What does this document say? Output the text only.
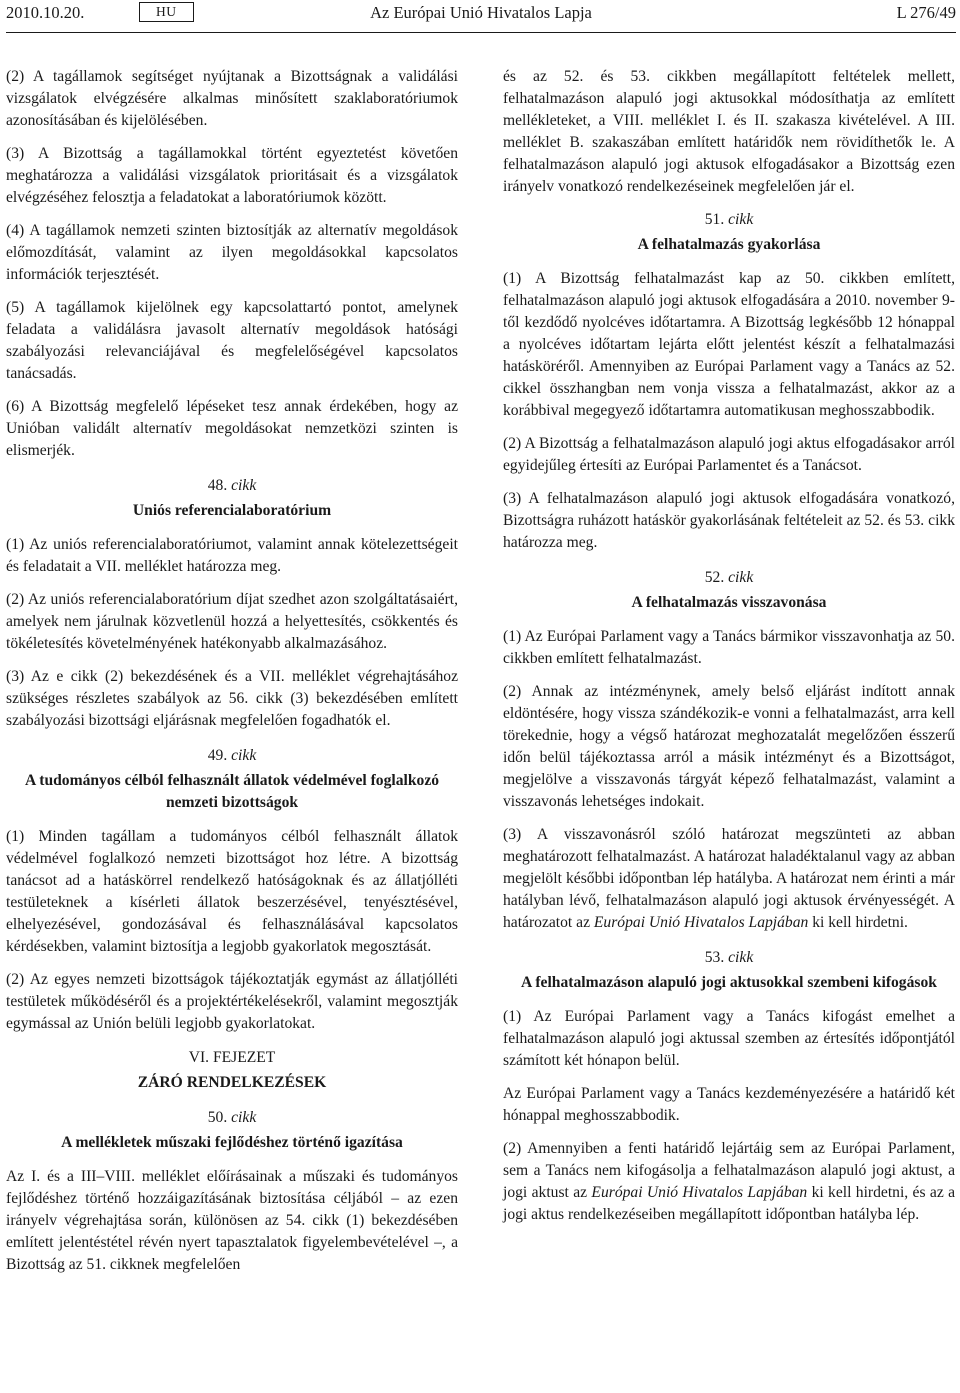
2010.10.20.	HU	Az Európai Unió Hivatalos Lapja	L 276/49

(2) A tagállamok segítséget nyújtanak a Bizottságnak a validálási vizsgálatok elvégzésére alkalmas minősített szaklaboratóriumok azonosításában és kijelölésében.

(3) A Bizottság a tagállamokkal történt egyeztetést követően meghatározza a validálási vizsgálatok prioritásait és a vizsgálatok elvégzéséhez felosztja a feladatokat a laboratóriumok között.

(4) A tagállamok nemzeti szinten biztosítják az alternatív megoldások előmozdítását, valamint az ilyen megoldásokkal kapcsolatos információk terjesztését.

(5) A tagállamok kijelölnek egy kapcsolattartó pontot, amelynek feladata a validálásra javasolt alternatív megoldások hatósági szabályozási relevanciájával és megfelelőségével kapcsolatos tanácsadás.

(6) A Bizottság megfelelő lépéseket tesz annak érdekében, hogy az Unióban validált alternatív megoldásokat nemzetközi szinten is elismerjék.

48. cikk
Uniós referencialaboratórium

(1) Az uniós referencialaboratóriumot, valamint annak kötelezettségeit és feladatait a VII. melléklet határozza meg.

(2) Az uniós referencialaboratórium díjat szedhet azon szolgáltatásaiért, amelyek nem járulnak közvetlenül hozzá a helyettesítés, csökkentés és tökéletesítés követelményének hatékonyabb alkalmazásához.

(3) Az e cikk (2) bekezdésének és a VII. melléklet végrehajtásához szükséges részletes szabályok az 56. cikk (3) bekezdésében említett szabályozási bizottsági eljárásnak megfelelően fogadhatók el.

49. cikk
A tudományos célból felhasznált állatok védelmével foglalkozó nemzeti bizottságok

(1) Minden tagállam a tudományos célból felhasznált állatok védelmével foglalkozó nemzeti bizottságot hoz létre. A bizottság tanácsot ad a hatáskörrel rendelkező hatóságoknak és az állatjólléti testületeknek a kísérleti állatok beszerzésével, tenyésztésével, elhelyezésével, gondozásával és felhasználásával kapcsolatos kérdésekben, valamint biztosítja a legjobb gyakorlatok megosztását.

(2) Az egyes nemzeti bizottságok tájékoztatják egymást az állatjólléti testületek működéséről és a projektértékelésekről, valamint megosztják egymással az Unión belüli legjobb gyakorlatokat.

VI. FEJEZET
ZÁRÓ RENDELKEZÉSEK
50. cikk
A mellékletek műszaki fejlődéshez történő igazítása

Az I. és a III–VIII. melléklet előírásainak a műszaki és tudományos fejlődéshez történő hozzáigazításának biztosítása céljából – az ezen irányelv végrehajtása során, különösen az 54. cikk (1) bekezdésében említett jelentéstétel révén nyert tapasztalatok figyelembevételével –, a Bizottság az 51. cikknek megfelelően

és az 52. és 53. cikkben megállapított feltételek mellett, felhatalmazáson alapuló jogi aktusokkal módosíthatja az említett mellékleteket, a VIII. melléklet I. és II. szakasza kivételével. A III. melléklet B. szakaszában említett határidők nem rövidíthetők le. A felhatalmazáson alapuló jogi aktusok elfogadásakor a Bizottság ezen irányelv vonatkozó rendelkezéseinek megfelelően jár el.

51. cikk
A felhatalmazás gyakorlása

(1) A Bizottság felhatalmazást kap az 50. cikkben említett, felhatalmazáson alapuló jogi aktusok elfogadására a 2010. november 9-től kezdődő nyolcéves időtartamra. A Bizottság legkésőbb 12 hónappal a nyolcéves időtartam lejárta előtt jelentést készít a felhatalmazási hatásköréről. Amennyiben az Európai Parlament vagy a Tanács az 52. cikkel összhangban nem vonja vissza a felhatalmazást, akkor az a korábbival megegyező időtartamra automatikusan meghosszabbodik.

(2) A Bizottság a felhatalmazáson alapuló jogi aktus elfogadásakor arról egyidejűleg értesíti az Európai Parlamentet és a Tanácsot.

(3) A felhatalmazáson alapuló jogi aktusok elfogadására vonatkozó, Bizottságra ruházott hatáskör gyakorlásának feltételeit az 52. és 53. cikk határozza meg.

52. cikk
A felhatalmazás visszavonása

(1) Az Európai Parlament vagy a Tanács bármikor visszavonhatja az 50. cikkben említett felhatalmazást.

(2) Annak az intézménynek, amely belső eljárást indított annak eldöntésére, hogy vissza szándékozik-e vonni a felhatalmazást, arra kell törekednie, hogy a végső határozat meghozatalát megelőzően ésszerű időn belül tájékoztassa arról a másik intézményt és a Bizottságot, megjelölve a visszavonás tárgyát képező felhatalmazást, valamint a visszavonás lehetséges indokait.

(3) A visszavonásról szóló határozat megszünteti az abban meghatározott felhatalmazást. A határozat haladéktalanul vagy az abban megjelölt későbbi időpontban lép hatályba. A határozat nem érinti a már hatályban lévő, felhatalmazáson alapuló jogi aktusok érvényességét. A határozatot az Európai Unió Hivatalos Lapjában ki kell hirdetni.

53. cikk
A felhatalmazáson alapuló jogi aktusokkal szembeni kifogások

(1) Az Európai Parlament vagy a Tanács kifogást emelhet a felhatalmazáson alapuló jogi aktussal szemben az értesítés időpontjától számított két hónapon belül.

Az Európai Parlament vagy a Tanács kezdeményezésére a határidő két hónappal meghosszabbodik.

(2) Amennyiben a fenti határidő lejártáig sem az Európai Parlament, sem a Tanács nem kifogásolja a felhatalmazáson alapuló jogi aktust, a jogi aktust az Európai Unió Hivatalos Lapjában ki kell hirdetni, és az a jogi aktus rendelkezéseiben megállapított időpontban hatályba lép.
